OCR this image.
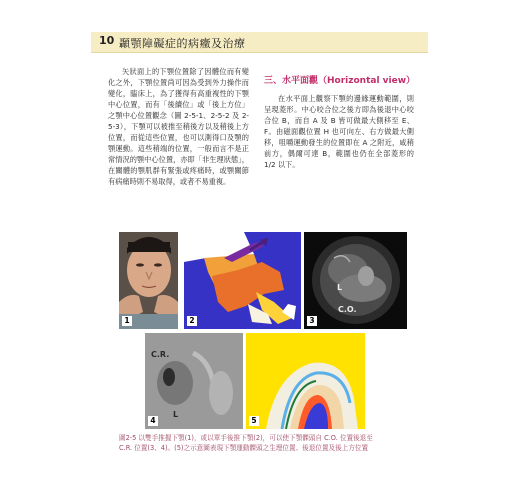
10 顳顎障礙症的病癥及治療

矢狀面上的下顎位置除了因體位而有變化之外，下顎位置尚可因為受到外力操作而變化，臨床上，為了獲得有高重複性的下顎中心位置，而有「後續位」或「後上方位」之顎中心位置觀念（圖 2-5-1、2-5-2 及 2-5-3），下顎可以被推至稍後方以及稍後上方位置，而從這些位置，也可以測得口及顎的顎運動。這些稍端的位置，一般而言不是正常情況的顎中心位置，亦即「非生理狀態」，在關體的顎肌群有緊張或疼痛時，或顎關節有病痛時則不易取得，或者不易重複。

三、水平面觀（Horizontal view）

在水平面上觀察下顎的邊緣運動範圍，則呈現菱形。中心咬合位之後方即為後退中心咬合位 B，而自 A 及 B 皆可做最大側移至 E、F。由磁面觀位置 H 也可向左、右方做最大側移，咀嚼運動發生的位置即在 A 之附近，咸稍前方，偶爾可達 B，範圍也仍在全部菱形的 1/2 以下。

1	2
L
C.O.
3
C.R.
L
4	5
圖2-5 以雙手推握下顎(1)，或以單手後推下顎(2)，可以使下顎髁頭自 C.O. 位置後退至 C.R. 位置(3、4)。(5)之示意圖表現下顎運動髁頭之生理位置、後退位置及後上方位置
